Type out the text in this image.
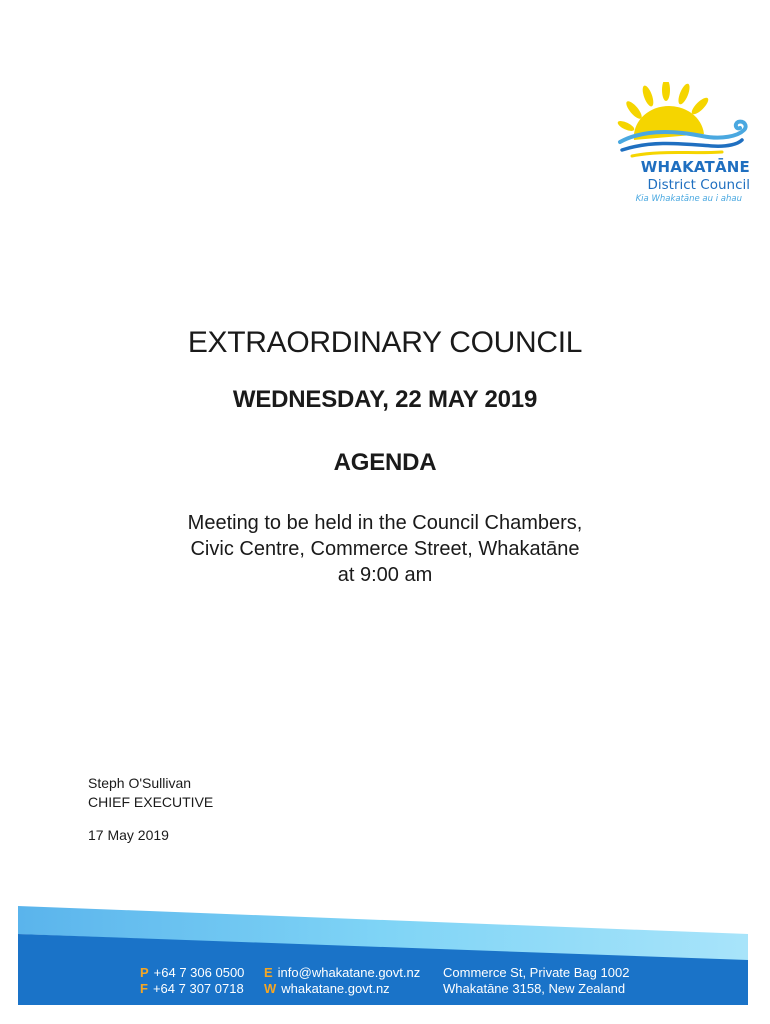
WHAKATĀNE
District Council
Kia Whakatāne au i ahau
EXTRAORDINARY COUNCIL
WEDNESDAY, 22 MAY 2019
AGENDA
Meeting to be held in the Council Chambers,
Civic Centre, Commerce Street, Whakatāne
at 9:00 am
Steph O'Sullivan
CHIEF EXECUTIVE
17 May 2019
P +64 7 306 0500
F +64 7 307 0718
E info@whakatane.govt.nz
W whakatane.govt.nz
Commerce St, Private Bag 1002
Whakatāne 3158, New Zealand
